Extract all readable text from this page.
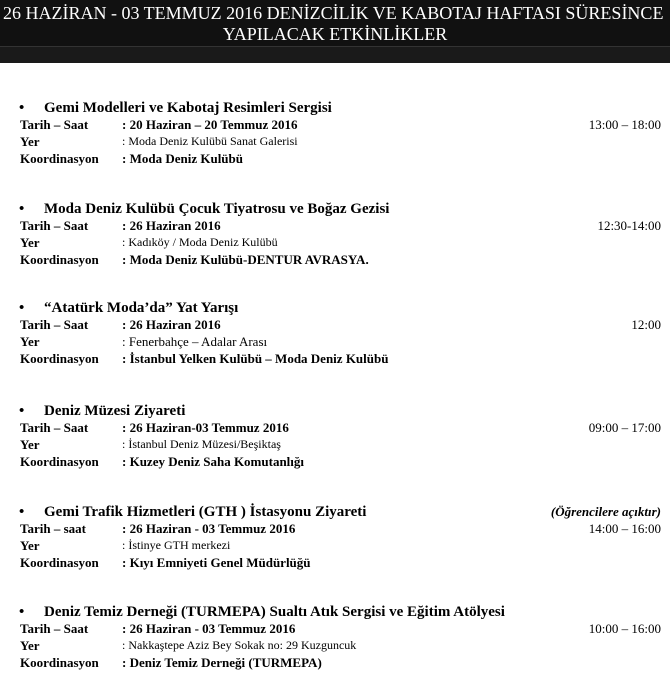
26 HAZİRAN - 03 TEMMUZ 2016 DENİZCİLİK VE KABOTAJ HAFTASI SÜRESİNCE
YAPILACAK ETKİNLİKLER
• Gemi Modelleri ve Kabotaj Resimleri Sergisi
Tarih – Saat	: 20 Haziran – 20 Temmuz 2016	13:00 – 18:00
Yer	: Moda Deniz Kulübü Sanat Galerisi
Koordinasyon : Moda Deniz Kulübü
• Moda Deniz Kulübü Çocuk Tiyatrosu ve Boğaz Gezisi
Tarih – Saat	: 26 Haziran 2016	12:30-14:00
Yer	: Kadıköy / Moda Deniz Kulübü
Koordinasyon : Moda Deniz Kulübü-DENTUR AVRASYA.
• “Atatürk Moda’da” Yat Yarışı
Tarih – Saat	: 26 Haziran 2016	12:00
Yer	: Fenerbahçe – Adalar Arası
Koordinasyon : İstanbul Yelken Kulübü – Moda Deniz Kulübü
• Deniz Müzesi Ziyareti
Tarih – Saat	: 26 Haziran-03 Temmuz 2016	09:00 – 17:00
Yer	: İstanbul Deniz Müzesi/Beşiktaş
Koordinasyon : Kuzey Deniz Saha Komutanlığı
• Gemi Trafik Hizmetleri (GTH ) İstasyonu Ziyareti	(Öğrencilere açıktır)
Tarih – saat	: 26 Haziran - 03 Temmuz 2016	14:00 – 16:00
Yer	: İstinye GTH merkezi
Koordinasyon : Kıyı Emniyeti Genel Müdürlüğü
• Deniz Temiz Derneği (TURMEPA) Sualtı Atık Sergisi ve Eğitim Atölyesi
Tarih – Saat	: 26 Haziran - 03 Temmuz 2016	10:00 – 16:00
Yer	: Nakkaştepe Aziz Bey Sokak no: 29 Kuzguncuk
Koordinasyon : Deniz Temiz Derneği (TURMEPA)
